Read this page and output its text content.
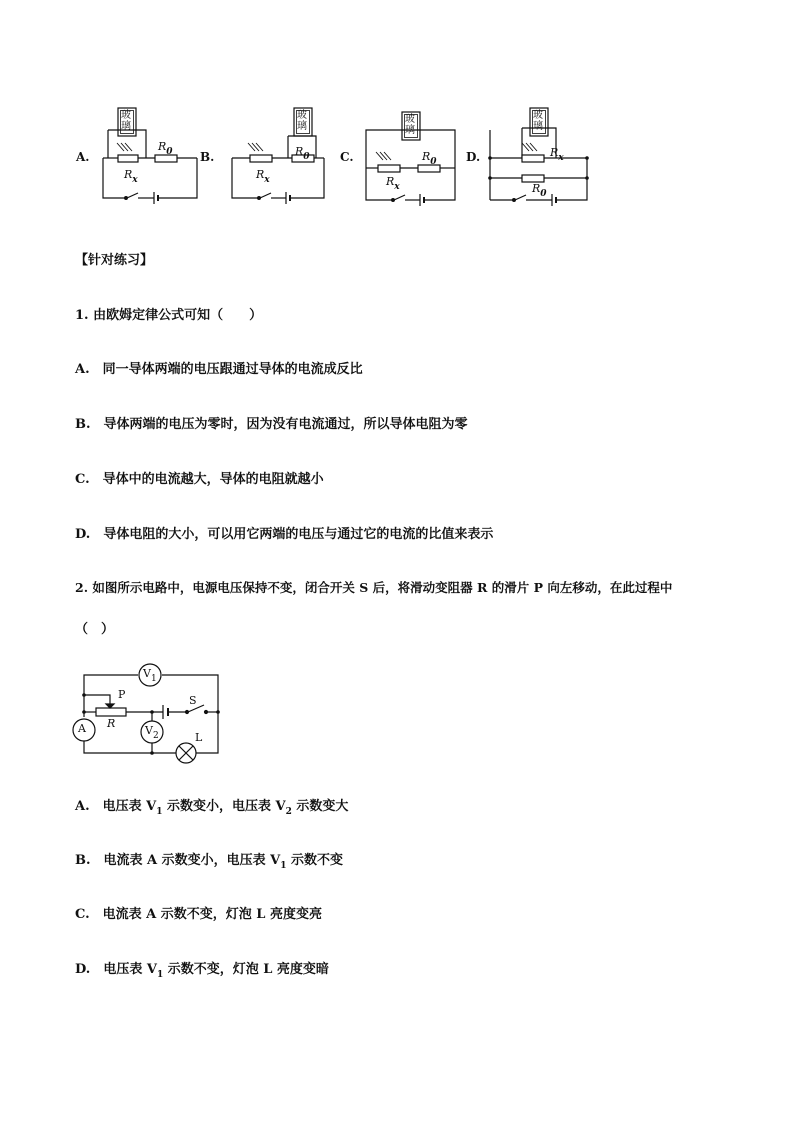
A.	B.	C.	D.
玻璃
玻璃
玻璃
玻璃
$R_0$
$R_x$
$R_0$
$R_x$
$R_0$
$R_x$
$R_x$
$R_0$
【针对练习】
1. 由欧姆定律公式可知（　　）
A.　同一导体两端的电压跟通过导体的电流成反比
B.　导体两端的电压为零时，因为没有电流通过，所以导体电阻为零
C.　导体中的电流越大，导体的电阻就越小
D.　导体电阻的大小，可以用它两端的电压与通过它的电流的比值来表示
2. 如图所示电路中，电源电压保持不变，闭合开关 S 后，将滑动变阻器 R 的滑片 P 向左移动，在此过程中
（　）
$V_1$
A	$V_2$
P
R
S
L
A.　电压表 $V_1$ 示数变小，电压表 $V_2$ 示数变大
B.　电流表 A 示数变小，电压表 $V_1$ 示数不变
C.　电流表 A 示数不变，灯泡 L 亮度变亮
D.　电压表 $V_1$ 示数不变，灯泡 L 亮度变暗
